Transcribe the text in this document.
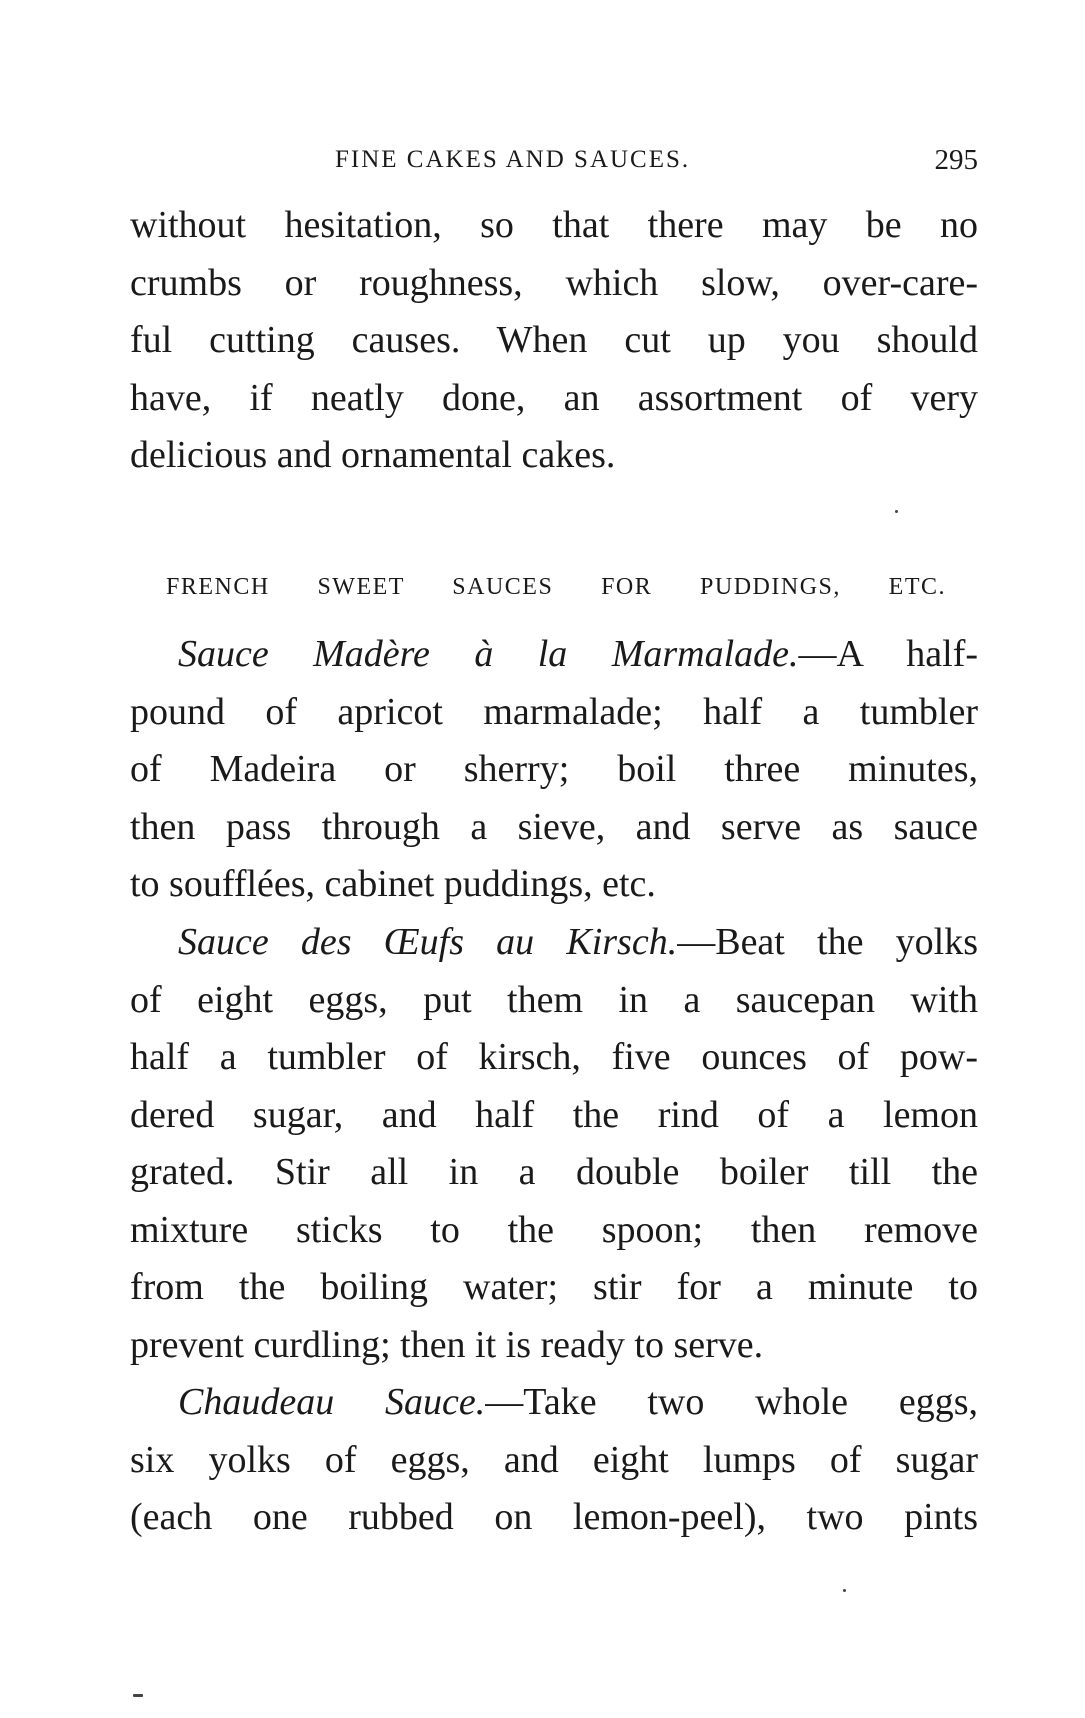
FINE CAKES AND SAUCES.	295
without hesitation, so that there may be no
crumbs or roughness, which slow, over-care-
ful cutting causes. When cut up you should
have, if neatly done, an assortment of very
delicious and ornamental cakes.
FRENCH SWEET SAUCES FOR PUDDINGS, ETC.
Sauce Madère à la Marmalade.—A half-
pound of apricot marmalade; half a tumbler
of Madeira or sherry; boil three minutes,
then pass through a sieve, and serve as sauce
to soufflées, cabinet puddings, etc.
Sauce des Œufs au Kirsch.—Beat the yolks
of eight eggs, put them in a saucepan with
half a tumbler of kirsch, five ounces of pow-
dered sugar, and half the rind of a lemon
grated. Stir all in a double boiler till the
mixture sticks to the spoon; then remove
from the boiling water; stir for a minute to
prevent curdling; then it is ready to serve.
Chaudeau Sauce.—Take two whole eggs,
six yolks of eggs, and eight lumps of sugar
(each one rubbed on lemon-peel), two pints
